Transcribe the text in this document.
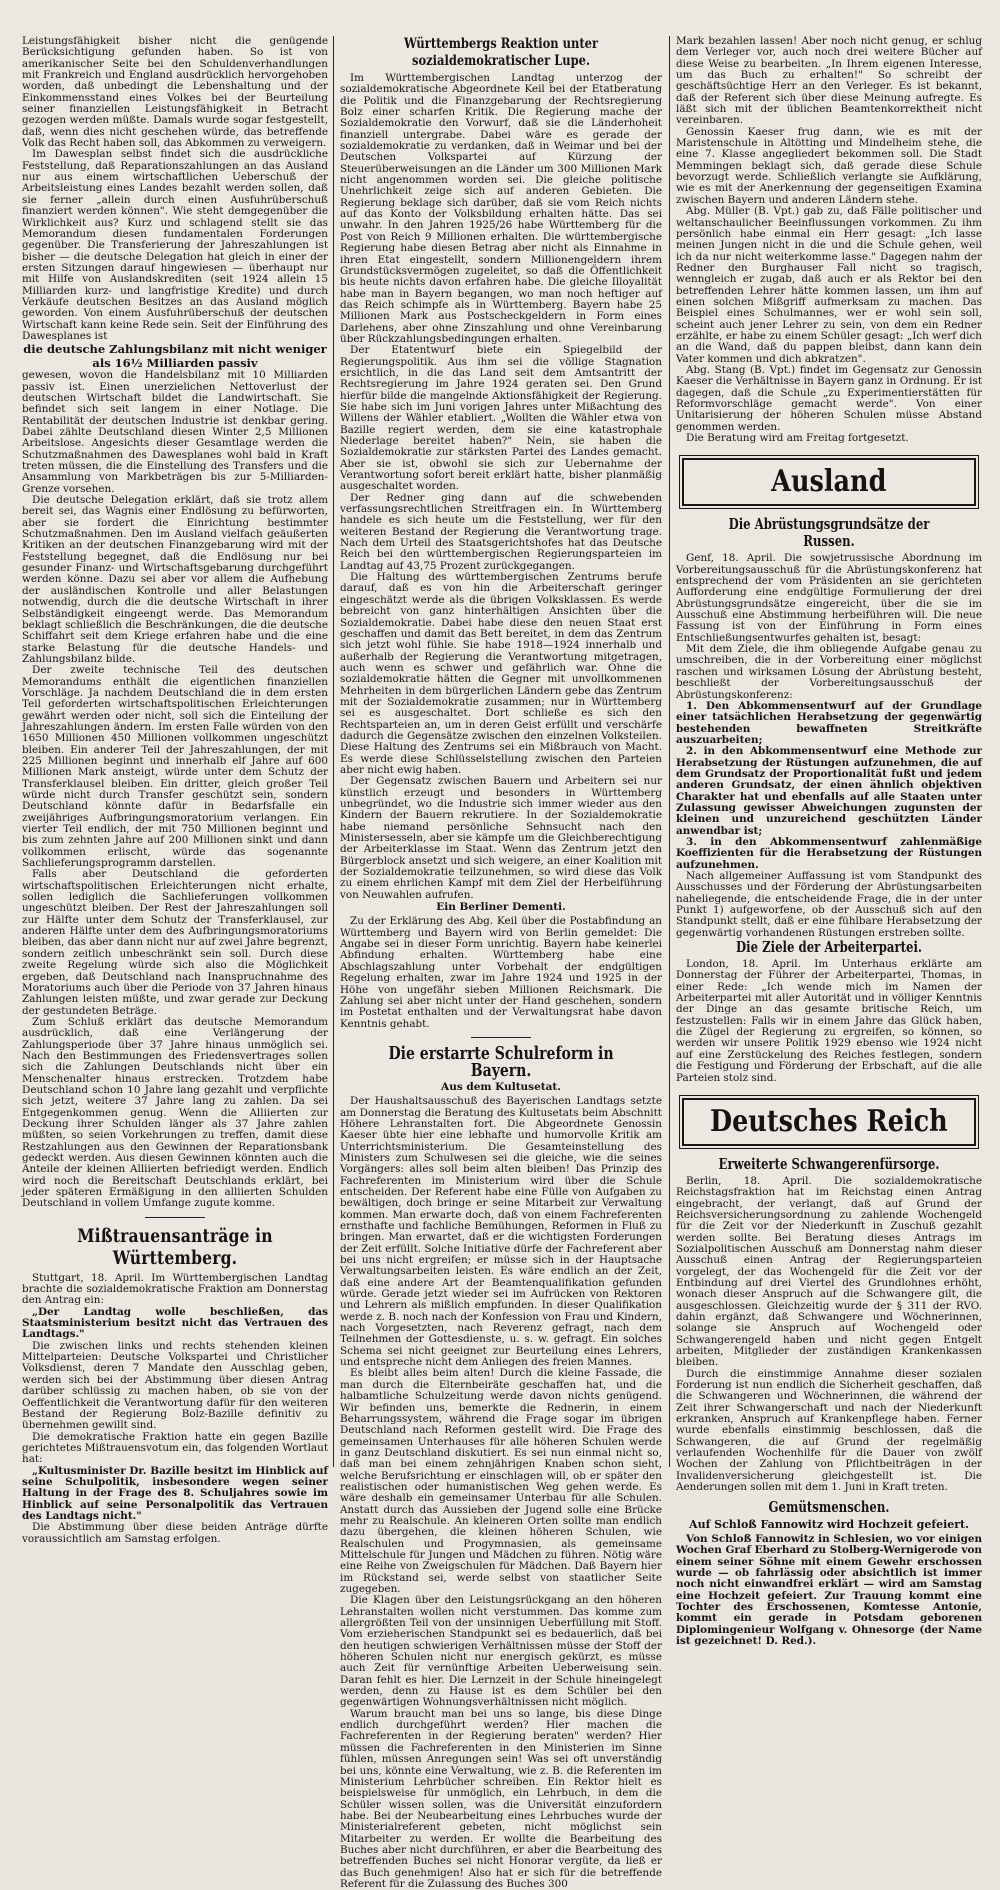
Leistungsfähigkeit bisher nicht die genügende Berücksichtigung gefunden haben. So ist von amerikanischer Seite bei den Schuldenverhandlungen mit Frankreich und England ausdrücklich hervorgehoben worden, daß unbedingt die Lebenshaltung und der Einkommensstand eines Volkes bei der Beurteilung seiner finanziellen Leistungsfähigkeit in Betracht gezogen werden müßte. Damals wurde sogar festgestellt, daß, wenn dies nicht geschehen würde, das betreffende Volk das Recht haben soll, das Abkommen zu verweigern.

Im Dawesplan selbst findet sich die ausdrückliche Feststellung, daß Reparationszahlungen an das Ausland nur aus einem wirtschaftlichen Ueberschuß der Arbeitsleistung eines Landes bezahlt werden sollen, daß sie ferner „allein durch einen Ausfuhrüberschuß finanziert werden können". Wie steht demgegenüber die Wirklichkeit aus? Kurz und schlagend stellt sie das Memorandum diesen fundamentalen Forderungen gegenüber. Die Transferierung der Jahreszahlungen ist bisher — die deutsche Delegation hat gleich in einer der ersten Sitzungen darauf hingewiesen — überhaupt nur mit Hilfe von Auslandskrediten (seit 1924 allein 15 Milliarden kurz- und langfristige Kredite) und durch Verkäufe deutschen Besitzes an das Ausland möglich geworden. Von einem Ausfuhrüberschuß der deutschen Wirtschaft kann keine Rede sein. Seit der Einführung des Dawesplanes ist

die deutsche Zahlungsbilanz mit nicht weniger als 16½ Milliarden passiv

gewesen, wovon die Handelsbilanz mit 10 Milliarden passiv ist. Einen unerzielichen Nettoverlust der deutschen Wirtschaft bildet die Landwirtschaft. Sie befindet sich seit langem in einer Notlage. Die Rentabilität der deutschen Industrie ist denkbar gering. Dabei zählte Deutschland diesen Winter 2,5 Millionen Arbeitslose. Angesichts dieser Gesamtlage werden die Schutzmaßnahmen des Dawesplanes wohl bald in Kraft treten müssen, die die Einstellung des Transfers und die Ansammlung von Markbeträgen bis zur 5-Milliarden-Grenze vorsehen.

Die deutsche Delegation erklärt, daß sie trotz allem bereit sei, das Wagnis einer Endlösung zu befürworten, aber sie fordert die Einrichtung bestimmter Schutzmaßnahmen. Den im Ausland vielfach geäußerten Kritiken an der deutschen Finanzgebarung wird mit der Feststellung begegnet, daß die Endlösung nur bei gesunder Finanz- und Wirtschaftsgebarung durchgeführt werden könne. Dazu sei aber vor allem die Aufhebung der ausländischen Kontrolle und aller Belastungen notwendig, durch die die deutsche Wirtschaft in ihrer Selbständigkeit eingeengt werde. Das Memorandum beklagt schließlich die Beschränkungen, die die deutsche Schiffahrt seit dem Kriege erfahren habe und die eine starke Belastung für die deutsche Handels- und Zahlungsbilanz bilde.

Der zweite technische Teil des deutschen Memorandums enthält die eigentlichen finanziellen Vorschläge. Ja nachdem Deutschland die in dem ersten Teil geforderten wirtschaftspolitischen Erleichterungen gewährt werden oder nicht, soll sich die Einteilung der Jahreszahlungen ändern. Im ersten Falle würden von den 1650 Millionen 450 Millionen vollkommen ungeschützt bleiben. Ein anderer Teil der Jahreszahlungen, der mit 225 Millionen beginnt und innerhalb elf Jahre auf 600 Millionen Mark ansteigt, würde unter dem Schutz der Transferklausel bleiben. Ein dritter, gleich großer Teil würde nicht durch Transfer geschützt sein, sondern Deutschland könnte dafür in Bedarfsfalle ein zweijähriges Aufbringungsmoratorium verlangen. Ein vierter Teil endlich, der mit 750 Millionen beginnt und bis zum zehnten Jahre auf 200 Millionen sinkt und dann vollkommen erlischt, würde das sogenannte Sachlieferungsprogramm darstellen.

Falls aber Deutschland die geforderten wirtschaftspolitischen Erleichterungen nicht erhalte, sollen lediglich die Sachlieferungen vollkommen ungeschützt bleiben. Der Rest der Jahreszahlungen soll zur Hälfte unter dem Schutz der Transferklausel, zur anderen Hälfte unter dem des Aufbringungsmoratoriums bleiben, das aber dann nicht nur auf zwei Jahre begrenzt, sondern zeitlich unbeschränkt sein soll. Durch diese zweite Regelung würde sich also die Möglichkeit ergeben, daß Deutschland nach Inanspruchnahme des Moratoriums auch über die Periode von 37 Jahren hinaus Zahlungen leisten müßte, und zwar gerade zur Deckung der gestundeten Beträge.

Zum Schluß erklärt das deutsche Memorandum ausdrücklich, daß eine Verlängerung der Zahlungsperiode über 37 Jahre hinaus unmöglich sei. Nach den Bestimmungen des Friedensvertrages sollen sich die Zahlungen Deutschlands nicht über ein Menschenalter hinaus erstrecken. Trotzdem habe Deutschland schon 10 Jahre lang gezahlt und verpflichte sich jetzt, weitere 37 Jahre lang zu zahlen. Da sei Entgegenkommen genug. Wenn die Alliierten zur Deckung ihrer Schulden länger als 37 Jahre zahlen müßten, so seien Vorkehrungen zu treffen, damit diese Restzahlungen aus den Gewinnen der Reparationsbank gedeckt werden. Aus diesen Gewinnen könnten auch die Anteile der kleinen Alliierten befriedigt werden. Endlich wird noch die Bereitschaft Deutschlands erklärt, bei jeder späteren Ermäßigung in den alliierten Schulden Deutschland in vollem Umfange zugute komme.

Mißtrauensanträge in Württemberg.

Stuttgart, 18. April. Im Württembergischen Landtag brachte die sozialdemokratische Fraktion am Donnerstag den Antrag ein:

„Der Landtag wolle beschließen, das Staatsministerium besitzt nicht das Vertrauen des Landtags."

Die zwischen links und rechts stehenden kleinen Mittelparteien: Deutsche Volkspartei und Christlicher Volksdienst, deren 7 Mandate den Ausschlag geben, werden sich bei der Abstimmung über diesen Antrag darüber schlüssig zu machen haben, ob sie von der Oeffentlichkeit die Verantwortung dafür für den weiteren Bestand der Regierung Bolz-Bazille definitiv zu übernehmen gewillt sind.

Die demokratische Fraktion hatte ein gegen Bazille gerichtetes Mißtrauensvotum ein, das folgenden Wortlaut hat:

„Kultusminister Dr. Bazille besitzt im Hinblick auf seine Schulpolitik, insbesondere wegen seiner Haltung in der Frage des 8. Schuljahres sowie im Hinblick auf seine Personalpolitik das Vertrauen des Landtags nicht."

Die Abstimmung über diese beiden Anträge dürfte voraussichtlich am Samstag erfolgen.

Württembergs Reaktion unter sozialdemokratischer Lupe.

Im Württembergischen Landtag unterzog der sozialdemokratische Abgeordnete Keil bei der Etatberatung die Politik und die Finanzgebarung der Rechtsregierung Bolz einer scharfen Kritik. Die Regierung mache der Sozialdemokratie den Vorwurf, daß sie die Länderhoheit finanziell untergrabe. Dabei wäre es gerade der sozialdemokratie zu verdanken, daß in Weimar und bei der Deutschen Volkspartei auf Kürzung der Steuerüberweisungen an die Länder um 300 Millionen Mark nicht angenommen worden sei. Die gleiche politische Unehrlichkeit zeige sich auf anderen Gebieten. Die Regierung beklage sich darüber, daß sie vom Reich nichts auf das Konto der Volksbildung erhalten hätte. Das sei unwahr. In den Jahren 1925/26 habe Württemberg für die Post von Reich 9 Millionen erhalten. Die württembergische Regierung habe diesen Betrag aber nicht als Einnahme in ihren Etat eingestellt, sondern Millionengeldern ihrem Grundstücksvermögen zugeleitet, so daß die Öffentlichkeit bis heute nichts davon erfahren habe. Die gleiche Illoyalität habe man in Bayern begangen, wo man noch heftiger auf das Reich schimpfe als in Württemberg. Bayern habe 25 Millionen Mark aus Postscheckgeldern in Form eines Darlehens, aber ohne Zinszahlung und ohne Vereinbarung über Rückzahlungsbedingungen erhalten.

Der Etatentwurf biete ein Spiegelbild der Regierungspolitik. Aus ihm sei die völlige Stagnation ersichtlich, in die das Land seit dem Amtsantritt der Rechtsregierung im Jahre 1924 geraten sei. Den Grund hierfür bilde die mangelnde Aktionsfähigkeit der Regierung. Sie habe sich im Juni vorigen Jahres unter Mißachtung des Willens der Wähler etabliert. „Wollten die Wähler etwa von Bazille regiert werden, dem sie eine katastrophale Niederlage bereitet haben?" Nein, sie haben die Sozialdemokratie zur stärksten Partei des Landes gemacht. Aber sie ist, obwohl sie sich zur Uebernahme der Verantwortung sofort bereit erklärt hatte, bisher planmäßig ausgeschaltet worden.

Der Redner ging dann auf die schwebenden verfassungsrechtlichen Streitfragen ein. In Württemberg handele es sich heute um die Feststellung, wer für den weiteren Bestand der Regierung die Verantwortung trage. Nach dem Urteil des Staatsgerichtshofes hat das Deutsche Reich bei den württembergischen Regierungsparteien im Landtag auf 43,75 Prozent zurückgegangen.

Die Haltung des württembergischen Zentrums berufe darauf, daß es von hin die Arbeiterschaft geringer eingeschätzt werde als die übrigen Volksklassen. Es werde bebreicht von ganz hinterhältigen Ansichten über die Sozialdemokratie. Dabei habe diese den neuen Staat erst geschaffen und damit das Bett bereitet, in dem das Zentrum sich jetzt wohl fühle. Sie habe 1918—1924 innerhalb und außerhalb der Regierung die Verantwortung mitgetragen, auch wenn es schwer und gefährlich war. Ohne die sozialdemokratie hätten die Gegner mit unvollkommenen Mehrheiten in dem bürgerlichen Ländern gebe das Zentrum mit der Sozialdemokratie zusammen; nur in Württemberg sei es ausgeschaltet. Dort schließe es sich den Rechtsparteien an, um in deren Geist erfüllt und verschärfe dadurch die Gegensätze zwischen den einzelnen Volksteilen. Diese Haltung des Zentrums sei ein Mißbrauch von Macht. Es werde diese Schlüsselstellung zwischen den Parteien aber nicht ewig haben.

Der Gegensatz zwischen Bauern und Arbeitern sei nur künstlich erzeugt und besonders in Württemberg unbegründet, wo die Industrie sich immer wieder aus den Kindern der Bauern rekrutiere. In der Sozialdemokratie habe niemand persönliche Sehnsucht nach den Ministersesseln, aber sie kämpfe um die Gleichberechtigung der Arbeiterklasse im Staat. Wenn das Zentrum jetzt den Bürgerblock ansetzt und sich weigere, an einer Koalition mit der Sozialdemokratie teilzunehmen, so wird diese das Volk zu einem ehrlichen Kampf mit dem Ziel der Herbeiführung von Neuwahlen aufrufen.

Ein Berliner Dementi.

Zu der Erklärung des Abg. Keil über die Postabfindung an Württemberg und Bayern wird von Berlin gemeldet: Die Angabe sei in dieser Form unrichtig. Bayern habe keinerlei Abfindung erhalten. Württemberg habe eine Abschlagszahlung unter Vorbehalt der endgültigen Regelung erhalten, zwar im Jahre 1924 und 1925 in der Höhe von ungefähr sieben Millionen Reichsmark. Die Zahlung sei aber nicht unter der Hand geschehen, sondern im Postetat enthalten und der Verwaltungsrat habe davon Kenntnis gehabt.

Die erstarrte Schulreform in Bayern.
Aus dem Kultusetat.

Der Haushaltsausschuß des Bayerischen Landtags setzte am Donnerstag die Beratung des Kultusetats beim Abschnitt Höhere Lehranstalten fort. Die Abgeordnete Genossin Kaeser übte hier eine lebhafte und humorvolle Kritik am Unterrichtsministerium. Die Gesamteinstellung des Ministers zum Schulwesen sei die gleiche, wie die seines Vorgängers: alles soll beim alten bleiben! Das Prinzip des Fachreferenten im Ministerium wird über die Schule entscheiden. Der Referent habe eine Fülle von Aufgaben zu bewältigen, doch bringe er seine Mitarbeit zur Verwaltung kommen. Man erwarte doch, daß von einem Fachreferenten ernsthafte und fachliche Bemühungen, Reformen in Fluß zu bringen. Man erwartet, daß er die wichtigsten Forderungen der Zeit erfüllt. Solche Initiative dürfe der Fachreferent aber bei uns nicht ergreifen; er müsse sich in der Hauptsache Verwaltungsarbeiten leisten. Es wäre endlich an der Zeit, daß eine andere Art der Beamtenqualifikation gefunden würde. Gerade jetzt wieder sei im Aufrücken von Rektoren und Lehrern als mißlich empfunden. In dieser Qualifikation werde z. B. noch nach der Konfession von Frau und Kindern, nach Vorgesetzten, nach Reverenz gefragt, nach dem Teilnehmen der Gottesdienste, u. s. w. gefragt. Ein solches Schema sei nicht geeignet zur Beurteilung eines Lehrers, und entspreche nicht dem Anliegen des freien Mannes.

Es bleibt alles beim alten! Durch die kleine Fassade, die man durch die Elternbeiräte geschaffen hat, und die halbamtliche Schulzeitung werde davon nichts genügend. Wir befinden uns, bemerkte die Rednerin, in einem Beharrungssystem, während die Frage sogar im übrigen Deutschland nach Reformen gestellt wird. Die Frage des gemeinsamen Unterhauses für alle höheren Schulen werde in ganz Deutschland diskutiert. Es sei nun einmal nicht so, daß man bei einem zehnjährigen Knaben schon sieht, welche Berufsrichtung er einschlagen will, ob er später den realistischen oder humanistischen Weg gehen werde. Es wäre deshalb ein gemeinsamer Unterbau für alle Schulen. Anstatt durch das Aussieben der Jugend solle eine Brücke mehr zu Realschule. An kleineren Orten sollte man endlich dazu übergehen, die kleinen höheren Schulen, wie Realschulen und Progymnasien, als gemeinsame Mittelschule für Jungen und Mädchen zu führen. Nötig wäre eine Reihe von Zweigschulen für Mädchen. Daß Bayern hier im Rückstand sei, werde selbst von staatlicher Seite zugegeben.

Die Klagen über den Leistungsrückgang an den höheren Lehranstalten wollen nicht verstummen. Das komme zum allergrößten Teil von der unsinnigen Ueberfüllung mit Stoff. Vom erzieherischen Standpunkt sei es bedauerlich, daß bei den heutigen schwierigen Verhältnissen müsse der Stoff der höheren Schulen nicht nur energisch gekürzt, es müsse auch Zeit für vernünftige Arbeiten Ueberweisung sein. Daran fehlt es hier. Die Lernzeit in der Schule hineingelegt werden, denn zu Hause ist es dem Schüler bei den gegenwärtigen Wohnungsverhältnissen nicht möglich.

Warum braucht man bei uns so lange, bis diese Dinge endlich durchgeführt werden? Hier machen die Fachreferenten in der Regierung beraten" werden? Hier müssen die Fachreferenten in den Ministerien im Sinne fühlen, müssen Anregungen sein! Was sei oft unverständig bei uns, könnte eine Verwaltung, wie z. B. die Referenten im Ministerium Lehrbücher schreiben. Ein Rektor hielt es beispielsweise für unmöglich, ein Lehrbuch, in dem die Schüler wissen sollen, was die Universität einzufordern habe. Bei der Neubearbeitung eines Lehrbuches wurde der Ministerialreferent gebeten, nicht möglichst sein Mitarbeiter zu werden. Er wollte die Bearbeitung des Buches aber nicht durchführen, er aber die Bearbeitung des betreffenden Buches sei nicht Honorar vergüte, da ließ er das Buch genehmigen! Also hat er sich für die betreffende Referent für die Zulassung des Buches 300

Mark bezahlen lassen! Aber noch nicht genug, er schlug dem Verleger vor, auch noch drei weitere Bücher auf diese Weise zu bearbeiten. „In Ihrem eigenen Interesse, um das Buch zu erhalten!" So schreibt der geschäftsüchtige Herr an den Verleger. Es ist bekannt, daß der Referent sich über diese Meinung aufregte. Es läßt sich mit der üblichen Beamtenkorrektheit nicht vereinbaren.

Genossin Kaeser frug dann, wie es mit der Maristenschule in Altötting und Mindelheim stehe, die eine 7. Klasse angegliedert bekommen soll. Die Stadt Memmingen beklagt sich, daß gerade diese Schule bevorzugt werde. Schließlich verlangte sie Aufklärung, wie es mit der Anerkennung der gegenseitigen Examina zwischen Bayern und anderen Ländern stehe.

Abg. Müller (B. Vpt.) gab zu, daß Fälle politischer und weltanschaulicher Beeinflussungen vorkommen. Zu ihm persönlich habe einmal ein Herr gesagt: „Ich lasse meinen Jungen nicht in die und die Schule gehen, weil ich da nur nicht weiterkomme lasse." Dagegen nahm der Redner den Burghauser Fall nicht so tragisch, wenngleich er zugab, daß auch er als Rektor bei den betreffenden Lehrer hätte kommen lassen, um ihm auf einen solchen Mißgriff aufmerksam zu machen. Das Beispiel eines Schulmannes, wer er wohl sein soll, scheint auch jener Lehrer zu sein, von dem ein Redner erzählte, er habe zu einem Schüler gesagt: „Ich werf dich an die Wand, daß du pappen bleibst, dann kann dein Vater kommen und dich abkratzen".

Abg. Stang (B. Vpt.) findet im Gegensatz zur Genossin Kaeser die Verhältnisse in Bayern ganz in Ordnung. Er ist dagegen, daß die Schule „zu Experimentierstätten für Reformvorschläge gemacht werde". Von einer Unitarisierung der höheren Schulen müsse Abstand genommen werden.

Die Beratung wird am Freitag fortgesetzt.

Ausland
Die Abrüstungsgrundsätze der Russen.

Genf, 18. April. Die sowjetrussische Abordnung im Vorbereitungsausschuß für die Abrüstungskonferenz hat entsprechend der vom Präsidenten an sie gerichteten Aufforderung eine endgültige Formulierung der drei Abrüstungsgrundsätze eingereicht, über die sie im Ausschuß eine Abstimmung herbeiführen will. Die neue Fassung ist von der Einführung in Form eines Entschließungsentwurfes gehalten ist, besagt:

Mit dem Ziele, die ihm obliegende Aufgabe genau zu umschreiben, die in der Vorbereitung einer möglichst raschen und wirksamen Lösung der Abrüstung besteht, beschließt der Vorbereitungsausschuß der Abrüstungskonferenz:

1. Den Abkommensentwurf auf der Grundlage einer tatsächlichen Herabsetzung der gegenwärtig bestehenden bewaffneten Streitkräfte auszuarbeiten;

2. in den Abkommensentwurf eine Methode zur Herabsetzung der Rüstungen aufzunehmen, die auf dem Grundsatz der Proportionalität fußt und jedem anderen Grundsatz, der einen ähnlich objektiven Charakter hat und ebenfalls auf alle Staaten unter Zulassung gewisser Abweichungen zugunsten der kleinen und unzureichend geschützten Länder anwendbar ist;

3. in den Abkommensentwurf zahlenmäßige Koeffizienten für die Herabsetzung der Rüstungen aufzunehmen.

Nach allgemeiner Auffassung ist vom Standpunkt des Ausschusses und der Förderung der Abrüstungsarbeiten naheliegende, die entscheidende Frage, die in der unter Punkt 1) aufgeworfene, ob der Ausschuß sich auf den Standpunkt stellt, daß er eine fühlbare Herabsetzung der gegenwärtig vorhandenen Rüstungen erstreben sollte.

Die Ziele der Arbeiterpartei.

London, 18. April. Im Unterhaus erklärte am Donnerstag der Führer der Arbeiterpartei, Thomas, in einer Rede: „Ich wende mich im Namen der Arbeiterpartei mit aller Autorität und in völliger Kenntnis der Dinge an das gesamte britische Reich, um festzustellen: Falls wir in einem Jahre das Glück haben, die Zügel der Regierung zu ergreifen, so können, so werden wir unsere Politik 1929 ebenso wie 1924 nicht auf eine Zerstückelung des Reiches festlegen, sondern die Festigung und Förderung der Erbschaft, auf die alle Parteien stolz sind.

Deutsches Reich
Erweiterte Schwangerenfürsorge.

Berlin, 18. April. Die sozialdemokratische Reichstagsfraktion hat im Reichstag einen Antrag eingebracht, der verlangt, daß auf Grund der Reichsversicherungsordnung zu zahlende Wochengeld für die Zeit vor der Niederkunft in Zuschuß gezahlt werden sollte. Bei Beratung dieses Antrags im Sozialpolitischen Ausschuß am Donnerstag nahm dieser Ausschuß einen Antrag der Regierungsparteien vorgelegt, der das Wochengeld für die Zeit vor der Entbindung auf drei Viertel des Grundlohnes erhöht, wonach dieser Anspruch auf die Schwangere gilt, die ausgeschlossen. Gleichzeitig wurde der § 311 der RVO. dahin ergänzt, daß Schwangere und Wöchnerinnen, solange sie Anspruch auf Wochengeld oder Schwangerengeld haben und nicht gegen Entgelt arbeiten, Mitglieder der zuständigen Krankenkassen bleiben.

Durch die einstimmige Annahme dieser sozialen Forderung ist nun endlich die Sicherheit geschaffen, daß die Schwangeren und Wöchnerinnen, die während der Zeit ihrer Schwangerschaft und nach der Niederkunft erkranken, Anspruch auf Krankenpflege haben. Ferner wurde ebenfalls einstimmig beschlossen, daß die Schwangeren, die auf Grund der regelmäßig verlaufenden Wochenhilfe für die Dauer von zwölf Wochen der Zahlung von Pflichtbeiträgen in der Invalidenversicherung gleichgestellt ist. Die Aenderungen sollen mit dem 1. Juni in Kraft treten.

Gemütsmenschen.
Auf Schloß Fannowitz wird Hochzeit gefeiert.

Von Schloß Fannowitz in Schlesien, wo vor einigen Wochen Graf Eberhard zu Stolberg-Wernigerode von einem seiner Söhne mit einem Gewehr erschossen wurde — ob fahrlässig oder absichtlich ist immer noch nicht einwandfrei erklärt — wird am Samstag eine Hochzeit gefeiert. Zur Trauung kommt eine Tochter des Erschossenen, Komtesse Antonie, kommt ein gerade in Potsdam geborenen Diplomingenieur Wolfgang v. Ohnesorge (der Name ist gezeichnet! D. Red.).
